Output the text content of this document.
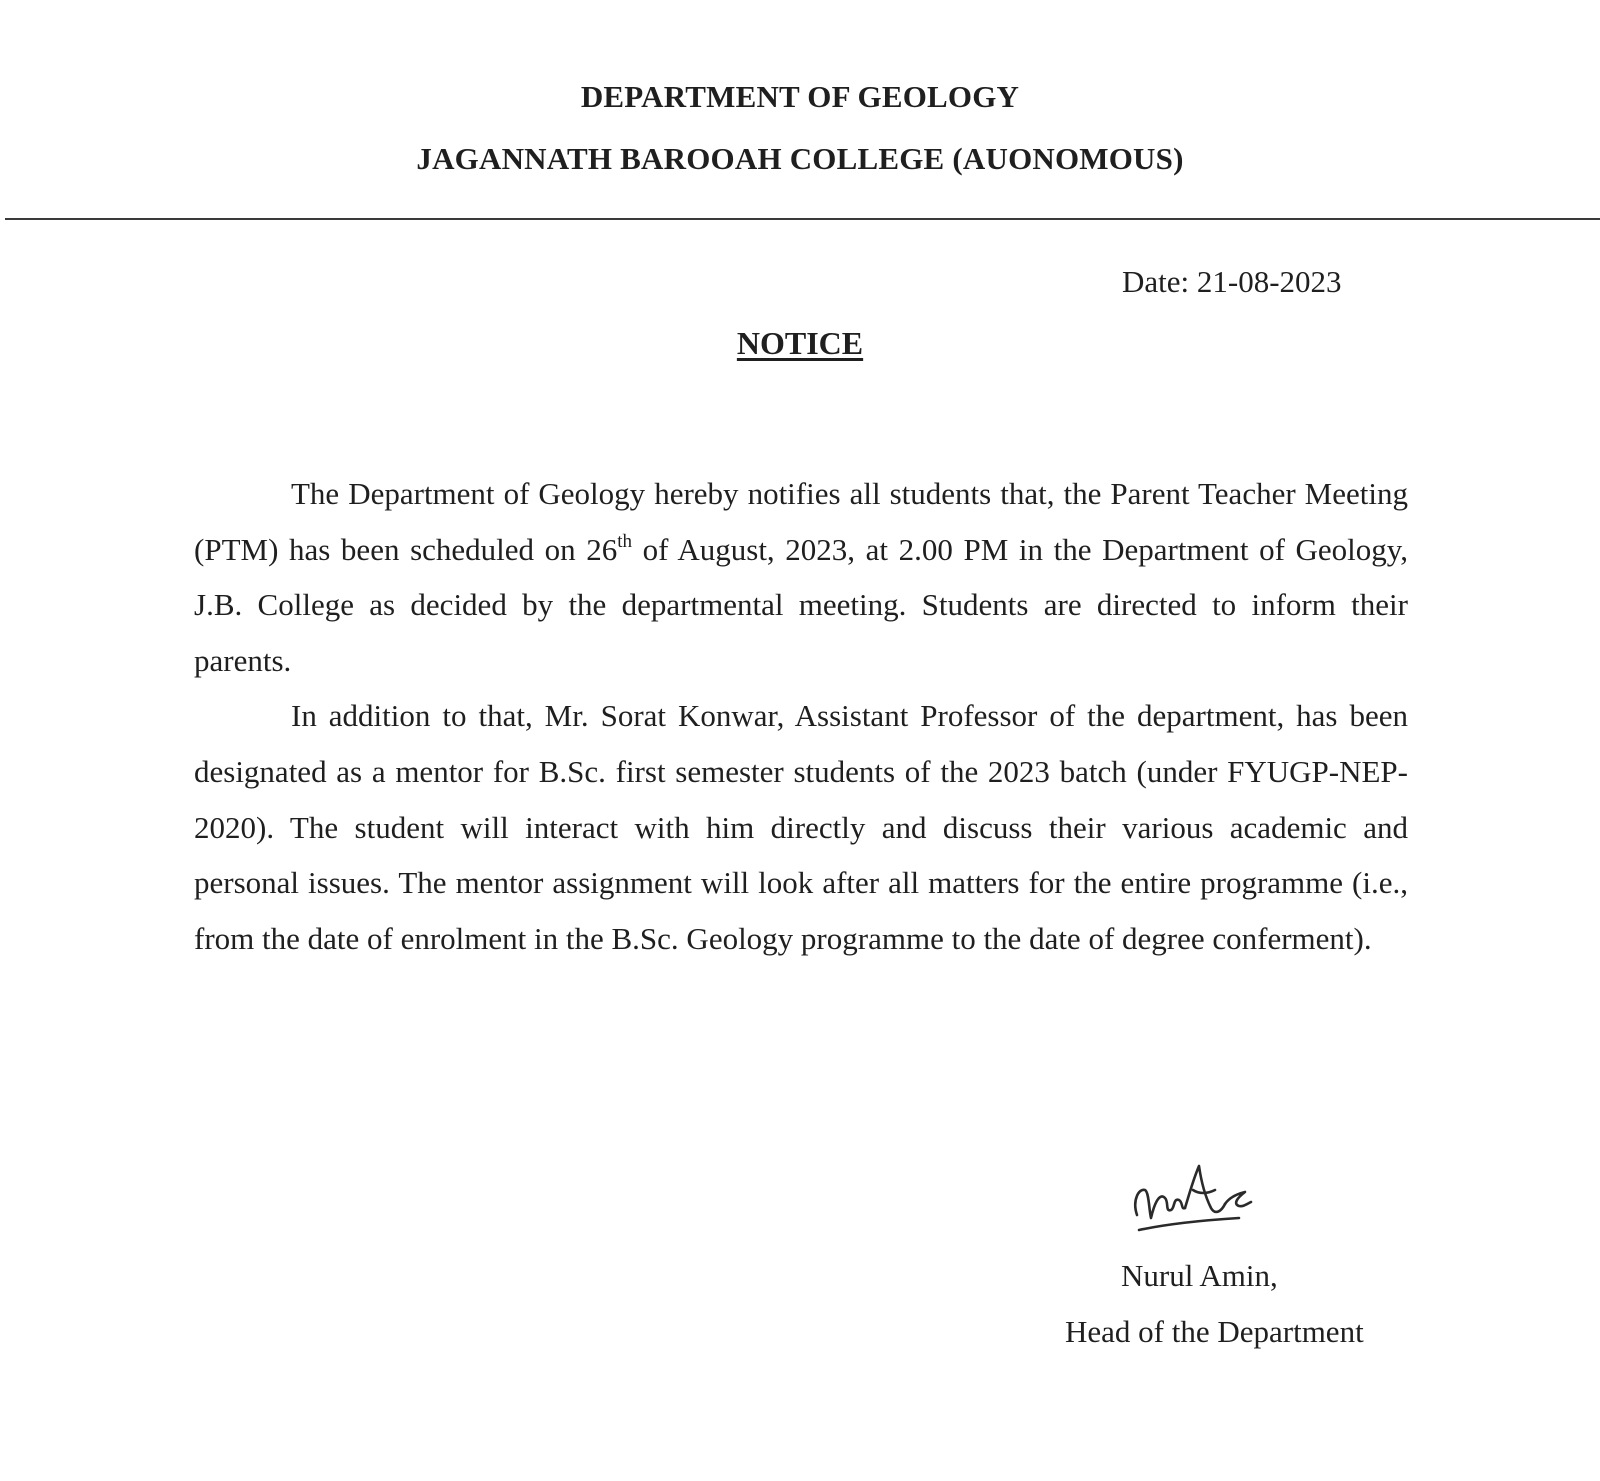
DEPARTMENT OF GEOLOGY
JAGANNATH BAROOAH COLLEGE (AUONOMOUS)
Date: 21-08-2023
NOTICE

The Department of Geology hereby notifies all students that, the Parent Teacher Meeting (PTM) has been scheduled on 26th of August, 2023, at 2.00 PM in the Department of Geology, J.B. College as decided by the departmental meeting. Students are directed to inform their parents.

In addition to that, Mr. Sorat Konwar, Assistant Professor of the department, has been designated as a mentor for B.Sc. first semester students of the 2023 batch (under FYUGP-NEP-2020). The student will interact with him directly and discuss their various academic and personal issues. The mentor assignment will look after all matters for the entire programme (i.e., from the date of enrolment in the B.Sc. Geology programme to the date of degree conferment).

Nurul Amin,
Head of the Department
